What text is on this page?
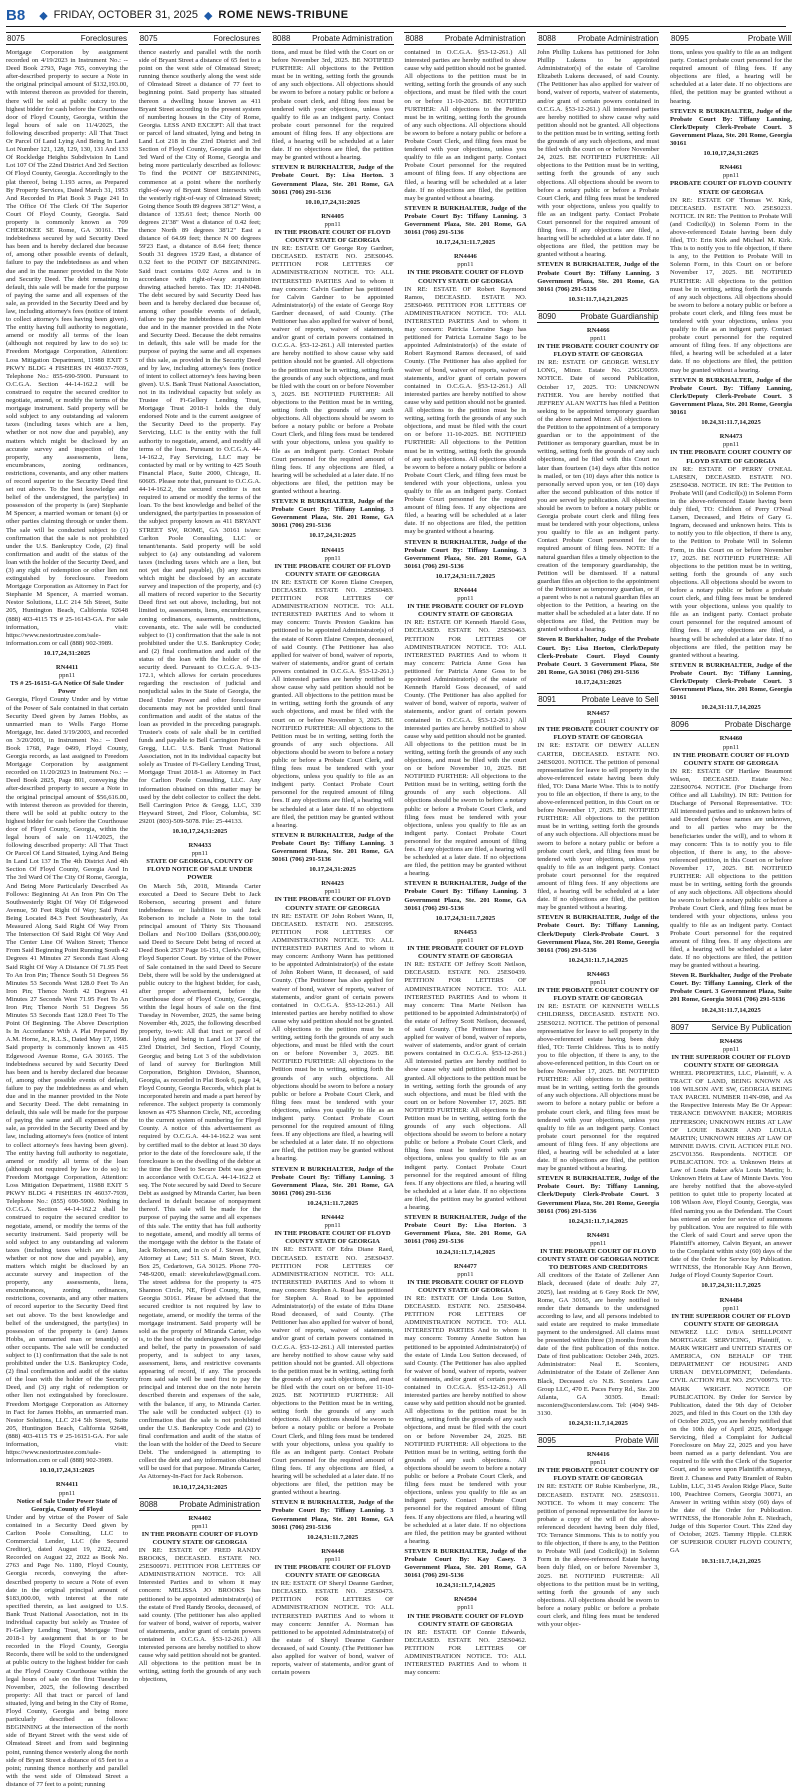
B8 ◆ FRIDAY, OCTOBER 31, 2025 ◆ ROME NEWS-TRIBUNE
8075	Foreclosures
Mortgage Corporation by assignment recorded on 4/19/2023 in Instrument No.: -- Deed Book 2793, Page 765, conveying the after-described property to secure a Note in the original principal amount of $132,193.00, with interest thereon as provided for therein, there will be sold at public outcry to the highest bidder for cash before the Courthouse door of Floyd County, Georgia, within the legal hours of sale on 11/4/2025, the following described property: All That Tract Or Parcel Of Land Lying And Being In Land Lot Number 121, 128, 129, 130, 131 And 133 Of Rockledge Heights Subdivision In Land Lot 107 Of The 22nd District And 3rd Section Of Floyd County, Georgia. Accordingly to the plat thereof, being 1.193 acres, as Prepared By Property Services, Dated March 31, 1953 And Recorded In Plat Book 3 Page 241 In The Office Of The Clerk Of The Superior Court Of Floyd County, Georgia. Said property is commonly known as 709 CHEROKEE SE Rome, GA 30161. The indebtedness secured by said Security Deed has been and is hereby declared due because of, among other possible events of default, failure to pay the indebtedness as and when due and in the manner provided in the Note and Security Deed. The debt remaining in default, this sale will be made for the purpose of paying the same and all expenses of the sale, as provided in the Security Deed and by law, including attorney's fees (notice of intent to collect attorney's fees having been given). The entity having full authority to negotiate, amend or modify all terms of the loan (although not required by law to do so) is: Freedom Mortgage Corporation, Attention: Loss Mitigation Department, 11988 EXIT 5 PKWY BLDG 4 FISHERS IN 46037-7939, Telephone No.: 855-690-5900. Pursuant to O.C.G.A. Section 44-14-162.2 will be construed to require the secured creditor to negotiate, amend, or modify the terms of the mortgage instrument. Said property will be sold subject to any outstanding ad valorem taxes (including taxes which are a lien, whether or not now due and payable), any matters which might be disclosed by an accurate survey and inspection of the property, any assessments, liens, encumbrances, zoning ordinances, restrictions, covenants, and any other matters of record superior to the Security Deed first set out above. To the best knowledge and belief of the undersigned, the party(ies) in possession of the property is (are) Stephanie M Spencer, a married woman or tenant (s) or other parties claiming through or under them. The sale will be conducted subject to (1) confirmation that the sale is not prohibited under the U.S. Bankruptcy Code, (2) final confirmation and audit of the status of the loan with the holder of the Security Deed, and (3) any right of redemption or other lien not extinguished by foreclosure. Freedom Mortgage Corporation as Attorney in Fact for Stephanie M Spencer, A married woman. Nestor Solutions, LLC 214 5th Street, Suite 205, Huntington Beach, California 92648 (888) 403-4115 TS # 25-16143-GA. For sale information, visit: https://www.nestortrustee.com/sale-information.com or call (888) 902-3989.
10.17,24,31:2025
RN4411
ppn11
TS # 25-16151-GA Notice Of Sale Under Power
Georgia, Floyd County Under and by virtue of the Power of Sale contained in that certain Security Deed given by James Hobbs, as unmarried man to Wells Fargo Home Mortgage, Inc. dated 3/19/2003, and recorded on 3/20/2003, in Instrument No.: -- Deed Book 1768, Page 0499, Floyd County, Georgia records, as last assigned to Freedom Mortgage Corporation by assignment recorded on 11/20/2023 in Instrument No.: -- Deed Book 2825, Page 801, conveying the after-described property to secure a Note in the original principal amount of $56,616.00, with interest thereon as provided for therein, there will be sold at public outcry to the highest bidder for cash before the Courthouse door of Floyd County, Georgia, within the legal hours of sale on 11/4/2025, the following described property: All That Tract Or Parcel Of Land Situated, Lying And Being In Land Lot 137 In The 4th District And 4th Section Of Floyd County, Georgia And In The 3rd Ward Of The City Of Rome, Georgia, And Being More Particularly Described As Follows: Beginning At An Iron Pin On The Southwesterly Right Of Way Of Edgewood Avenue, 50 Feet Right Of Way; Said Point Being Located 84.3 Feet Southeasterly, As Measured Along Said Right Of Way From The Intersection Of Said Right Of Way And The Center Line Of Walton Street; Thence From Said Beginning Point Running South 42 Degrees 41 Minutes 27 Seconds East Along Said Right Of Way A Distance Of 71.95 Feet To An Iron Pin; Thence South 51 Degrees 56 Minutes 53 Seconds West 128.0 Feet To An Iron Pin; Thence North 42 Degrees 41 Minutes 27 Seconds West 71.95 Feet To An Iron Pin; Thence North 51 Degrees 56 Minutes 53 Seconds East 128.0 Feet To The Point Of Beginning. The Above Description Is In Accordance With A Plat Prepared By A.M. Horne, Jr., R.L.S., Dated May 17, 1998. Said property is commonly known as 415 Edgewood Avenue Rome, GA 30165. The indebtedness secured by said Security Deed has been and is hereby declared due because of, among other possible events of default, failure to pay the indebtedness as and when due and in the manner provided in the Note and Security Deed. The debt remaining in default, this sale will be made for the purpose of paying the same and all expenses of the sale, as provided in the Security Deed and by law, including attorney's fees (notice of intent to collect attorney's fees having been given). The entity having full authority to negotiate, amend or modify all terms of the loan (although not required by law to do so) is: Freedom Mortgage Corporation, Attention: Loss Mitigation Department, 11988 EXIT 5 PKWY BLDG 4 FISHERS IN 46037-7939, Telephone No.: (855) 690-5900. Nothing in O.C.G.A. Section 44-14-162.2 shall be construed to require the secured creditor to negotiate, amend, or modify the terms of the security instrument. Said property will be sold subject to any outstanding ad valorem taxes (including taxes which are a lien, whether or not now due and payable), any matters which might be disclosed by an accurate survey and inspection of the property, any assessments, liens, encumbrances, zoning ordinances, restrictions, covenants, and any other matters of record superior to the Security Deed first set out above. To the best knowledge and belief of the undersigned, the party(ies) in possession of the property is (are) James Hobbs, an unmarried man or tenant(s) or other occupants. The sale will be conducted subject to (1) confirmation that the sale is not prohibited under the U.S. Bankruptcy Code, (2) final confirmation and audit of the status of the loan with the holder of the Security Deed, and (3) any right of redemption or other lien not extinguished by foreclosure. Freedom Mortgage Corporation as Attorney in Fact for James Hobbs, an unmarried man. Nestor Solutions, LLC 214 5th Street, Suite 205, Huntington Beach, California 92648, (888) 403-4115 TS # 25-16151-GA. For sale information, visit: https://www.nestortrustee.com/sale-information.com or call (888) 902-3989.
10.10,17,24,31:2025
RN4411
ppn11
Notice of Sale Under Power State of Georgia, County of Floyd
Under and by virtue of the Power of Sale contained in a Security Deed given by Carlton Poole Consulting, LLC to Commercial Lender, LLC (the Secured Creditor), dated August 19, 2022, and Recorded on August 22, 2022 as Book No. 2763 and Page No. 1180, Floyd County, Georgia records, conveying the after-described property to secure a Note of even date in the original principal amount of $183,000.00, with interest at the rate specified therein, as last assigned to U.S. Bank Trust National Association, not in its individual capacity but solely as Trustee of Fi-Gellery Lending Trust, Mortgage Trust 2018-1 by assignment that is or to be recorded in the Floyd County, Georgia Records, there will be sold to the undersigned at public outcry to the highest bidder for cash at the Floyd County Courthouse within the legal hours of sale on the first Tuesday in November, 2025, the following described property: All that tract or parcel of land situated, lying and being in the City of Rome, Floyd County, Georgia and being more particularly described as follows: BEGINNING at the intersection of the north side of Bryant Street with the west side of Olmstead Street and from said beginning point, running thence westerly along the north side of Bryant Street a distance of 65 feet to a point; running thence northerly and parallel with the west side of Olmstead Street a distance of 77 feet to a point; running
8075	Foreclosures
thence easterly and parallel with the north side of Bryant Street a distance of 65 feet to a point on the west side of Olmstead Street; running thence southerly along the west side of Olmstead Street a distance of 77 feet to beginning point. Said property has situated thereon a dwelling house known as 411 Bryant Street according to the present system of numbering houses in the City of Rome, Georgia. LESS AND EXCEPT: All that tract or parcel of land situated, lying and being in Land Lot 218 in the 23rd District and 3rd Section of Floyd County, Georgia and in the 3rd Ward of the City of Rome, Georgia and being more particularly described as follows: To find the POINT OF BEGINNING, commence at a point where the northerly right-of-way of Bryant Street intersects with the westerly right-of-way of Olmstead Street; Going thence South 89 degrees 38'12" West, a distance of 135.61 feet; thence North 00 degrees 21'38" West a distance of 0.42 feet; thence North 89 degrees 38'12" East a distance of 64.99 feet; thence N 00 degrees 59'23 East, a distance of 8.64 feet; thence South 31 degrees 15'29 East, a distance of 0.32 feet to the POINT OF BEGINNING. Said tract contains 0.02 Acres and is in accordance with right-of-way acquisition drawing attached hereto. Tax ID: J14N048. The debt secured by said Security Deed has been and is hereby declared due because of, among other possible events of default, failure to pay the indebtedness as and when due and in the manner provided in the Note and Security Deed. Because the debt remains in default, this sale will be made for the purpose of paying the same and all expenses of this sale, as provided in the Security Deed and by law, including attorney's fees (notice of intent to collect attorney's fees having been given). U.S. Bank Trust National Association, not in its individual capacity but solely as Trustee of Fi-Gellery Lending Trust, Mortgage Trust 2018-1 holds the duly endorsed Note and is the current assignee of the Security Deed to the property. Fay Servicing, LLC is the entity with the full authority to negotiate, amend, and modify all terms of the loan. Pursuant to O.C.G.A. 44-14-162.2, Fay Servicing, LLC may be contacted by mail or by writing to 425 South Financial Place, Suite 2000, Chicago, IL 60605. Please note that, pursuant to O.C.G.A. 44-14-162.2, the secured creditor is not required to amend or modify the terms of the loan. To the best knowledge and belief of the undersigned, the party/parties in possession of the subject property known as 411 BRYANT STREET SW, ROME, GA 30161 is/are: Carlton Poole Consulting, LLC or tenant/tenants. Said property will be sold subject to (a) any outstanding ad valorem taxes (including taxes which are a lien, but not yet due and payable), (b) any matters which might be disclosed by an accurate survey and inspection of the property, and (c) all matters of record superior to the Security Deed first set out above, including, but not limited to, assessments, liens, encumbrances, zoning ordinances, easements, restrictions, covenants, etc. The sale will be conducted subject to (1) confirmation that the sale is not prohibited under the U.S. Bankruptcy Code; and (2) final confirmation and audit of the status of the loan with the holder of the security deed. Pursuant to O.C.G.A. 9-13-172.1, which allows for certain procedures regarding the rescission of judicial and nonjudicial sales in the State of Georgia, the Deed Under Power and other foreclosure documents may not be provided until final confirmation and audit of the status of the loan as provided in the preceding paragraph. Trustee's costs of sale shall be in certified funds and payable to Bell Carrington Price & Gregg, LLC. U.S. Bank Trust National Association, not in its individual capacity but solely as Trustee of Fi-Gellery Lending Trust, Mortgage Trust 2018-1 as Attorney in Fact for Carlton Poole Consulting, LLC. Any information obtained on this matter may be used by the debt collector to collect the debt. Bell Carrington Price & Gregg, LLC, 339 Heyward Street, 2nd Floor, Columbia, SC 29201 (803)-509-5078. File: 25-44133.
10.10,17,24,31:2025
RN4433
ppn11
STATE OF GEORGIA, COUNTY OF FLOYD NOTICE OF SALE UNDER POWER
On March 5th, 2018, Miranda Carter executed a Deed to Secure Debt to Jack Roberson, securing present and future indebtedness or liabilities to said Jack Roberson to include a Note in the total principal amount of Thirty Six Thousand Dollars and No/100 Dollars ($36,000.00); said Deed to Secure Debt being of record at Deed Book 2537 Page 16-151, Clerk's Office, Floyd Superior Court. By virtue of the Power of Sale contained in the said Deed to Secure Debt, there will be sold by the undersigned at public outcry to the highest bidder, for cash, after proper advertisement, before the Courthouse door of Floyd County, Georgia, within the legal hours of sale on the first Tuesday in November, 2025, the same being November 4th, 2025, the following described property, to-wit: All that tract or parcel of land lying and being in Land Lot 37 of the 23rd District, 3rd Section, Floyd County, Georgia; and being Lot 3 of the subdivision of land of survey for Burlington Mill Corporation, Brighton Division, Shannon, Georgia, as recorded in Plat Book 6, page 14, Floyd County, Georgia Records, which plat is incorporated herein and made a part hereof by reference. The subject property is commonly known as 475 Shannon Circle, NE, according to the current system of numbering for Floyd County. A notice of this advertisement as required by O.C.G.A. 44-14-162.2 was sent by certified mail to the debtor at least 30 days prior to the date of the foreclosure sale, if the foreclosure is on the dwelling of the debtor at the time the Deed to Secure Debt was given in accordance with O.C.G.A. 44-14-162.2 et seq. The Note secured by said Deed to Secure Debt as assigned by Miranda Carter, has been declared in default because of nonpayment thereof. This sale will be made for the purpose of paying the same and all expenses of this sale. The entity that has full authority to negotiate, amend, and modify all terms of the mortgage with the debtor is the Estate of Jack Roberson, and in c/o of J. Steven Kuhr, Attorney at Law; 511 S. Main Street, P.O. Box 25, Cedartown, GA 30125. Phone 770-748-9200, email: stevekuhrlaw@gmail.com. The street address for the property is 475 Shannon Circle, NE, Floyd County, Rome, Georgia 30161. Please be advised that the secured creditor is not required by law to negotiate, amend, or modify the terms of the mortgage instrument. Said property will be sold as the property of Miranda Carter, who is, to the best of the undersigned's knowledge and belief, the party in possession of said property, and is subject to any taxes, assessment, liens, and restrictive covenants appearing of record, if any. The proceeds from said sale will be used first to pay the principal and interest due on the note herein described therein and expenses of the sale, with the balance, if any, to Miranda Carter. The sale will be conducted subject (1) to confirmation that the sale is not prohibited under the U.S. Bankruptcy Code and (2) to final confirmation and audit of the status of the loan with the holder of the Deed to Secure Debt. The undersigned is attempting to collect the debt and any information obtained will be used for that purpose. Miranda Carter, As Attorney-In-Fact for Jack Roberson.
10.10,17,24,31:2025
8088	Probate Administration
RN4402
ppn11
IN THE PROBATE COURT OF FLOYD COUNTY STATE OF GEORGIA
IN RE: ESTATE OF FRED RANDY BROOKS, DECEASED. ESTATE NO. 25ES00971. PETITION FOR LETTERS OF ADMINISTRATION NOTICE. TO: All Interested Parties and to whom it may concern: MELISSA JO BROOKS has petitioned to be appointed administrator(s) of the estate of Fred Randy Brooks, deceased, of said county. (The petitioner has also applied for waiver of bond, waiver of reports, waiver of statements, and/or grant of certain powers contained in O.C.G.A. §53-12-261.) All interested persons are hereby notified to show cause why said petition should not be granted. All objections to the petition must be in writing, setting forth the grounds of any such objections,
8088	Probate Administration
tions, and must be filed with the Court on or before November 3rd, 2025. BE NOTIFIED FURTHER: All objections to the Petition must be in writing, setting forth the grounds of any such objections. All objections should be sworn to before a notary public or before a probate court clerk, and filing fees must be tendered with your objections, unless you qualify to file as an indigent party. Contact probate court personnel for the required amount of filing fees. If any objections are filed, a hearing will be scheduled at a later date. If no objections are filed, the petition may be granted without a hearing.
STEVEN R BURKHALTER, Judge of the Probate Court. By: Lisa Horton. 3 Government Plaza, Ste. 201 Rome, GA 30161 (706) 291-5136
10.10,17,24,31:2025
RN4405
ppn11
IN THE PROBATE COURT OF FLOYD COUNTY STATE OF GEORGIA
IN RE: ESTATE OF George Roy Gardner, DECEASED. ESTATE NO. 25ES0045. PETITION FOR LETTERS OF ADMINISTRATION NOTICE. TO: ALL INTERESTED PARTIES And to whom it may concern: Calvin Gardner has petitioned for Calvin Gardner to be appointed Administrator(s) of the estate of George Roy Gardner deceased, of said County. (The Petitioner has also applied for waiver of bond, waiver of reports, waiver of statements, and/or grant of certain powers contained in O.C.G.A. §53-12-261.) All interested parties are hereby notified to show cause why said petition should not be granted. All objections to the petition must be in writing, setting forth the grounds of any such objections, and must be filed with the court on or before November 3, 2025. BE NOTIFIED FURTHER: All objections to the Petition must be in writing, setting forth the grounds of any such objections. All objections should be sworn to before a notary public or before a Probate Court Clerk, and filing fees must be tendered with your objections, unless you qualify to file as an indigent party. Contact Probate Court personnel for the required amount of filing fees. If any objections are filed, a hearing will be scheduled at a later date. If no objections are filed, the petition may be granted without a hearing.
STEVEN R BURKHALTER, Judge of the Probate Court By: Tiffany Lanning. 3 Government Plaza, Ste. 201 Rome, GA 30161 (706) 291-5136
10.17,24,31:2025
RN4415
ppn11
IN THE PROBATE COURT OF FLOYD COUNTY STATE OF GEORGIA
IN RE: ESTATE OF Koren Elaine Creepen, DECEASED. ESTATE NO. 25ES0483. PETITION FOR LETTERS OF ADMINISTRATION NOTICE. TO: ALL INTERESTED PARTIES And to whom it may concern: Travis Preston Gaskins has petitioned to be appointed Administrator(s) of the estate of Koren Elaine Creepen, deceased, of said County. (The Petitioner has also applied for waiver of bond, waiver of reports, waiver of statements, and/or grant of certain powers contained in O.C.G.A. §53-12-261.) All interested parties are hereby notified to show cause why said petition should not be granted. All objections to the petition must be in writing, setting forth the grounds of any such objections, and must be filed with the court on or before November 3, 2025. BE NOTIFIED FURTHER: All objections to the Petition must be in writing, setting forth the grounds of any such objections. All objections should be sworn to before a notary public or before a Probate Court Clerk, and filing fees must be tendered with your objections, unless you qualify to file as an indigent party. Contact Probate Court personnel for the required amount of filing fees. If any objections are filed, a hearing will be scheduled at a later date. If no objections are filed, the petition may be granted without a hearing.
STEVEN R BURKHALTER, Judge of the Probate Court By: Tiffany Lanning. 3 Government Plaza, Ste. 201 Rome, GA 30161 (706) 291-5136
10.17,24,31:2025
RN4423
ppn11
IN THE PROBATE COURT OF FLOYD COUNTY STATE OF GEORGIA
IN RE: ESTATE OF John Robert Wann, II, DECEASED. ESTATE NO. 25ES0395. PETITION FOR LETTERS OF ADMINISTRATION NOTICE. TO: ALL INTERESTED PARTIES And to whom it may concern: Anthony Wann has petitioned to be appointed Administrator(s) of the estate of John Robert Wann, II deceased, of said County. (The Petitioner has also applied for waiver of bond, waiver of reports, waiver of statements, and/or grant of certain powers contained in O.C.G.A. §53-12-261.) All interested parties are hereby notified to show cause why said petition should not be granted. All objections to the petition must be in writing, setting forth the grounds of any such objections, and must be filed with the court on or before November 3, 2025. BE NOTIFIED FURTHER: All objections to the Petition must be in writing, setting forth the grounds of any such objections. All objections should be sworn to before a notary public or before a Probate Court Clerk, and filing fees must be tendered with your objections, unless you qualify to file as an indigent party. Contact Probate Court personnel for the required amount of filing fees. If any objections are filed, a hearing will be scheduled at a later date. If no objections are filed, the petition may be granted without a hearing.
STEVEN R BURKHALTER, Judge of the Probate Court By: Tiffany Lanning. 3 Government Plaza, Ste. 201 Rome, GA 30161 (706) 291-5136
10.24,31:11.7,2025
RN4442
ppn11
IN THE PROBATE COURT OF FLOYD COUNTY STATE OF GEORGIA
IN RE: ESTATE OF Edra Diane Raed, DECEASED. ESTATE NO. 25ES0437. PETITION FOR LETTERS OF ADMINISTRATION NOTICE. TO: ALL INTERESTED PARTIES And to whom it may concern: Stephen A. Road has petitioned for Stephen A. Road to be appointed Administrator(s) of the estate of Edra Diane Road deceased, of said County. (The Petitioner has also applied for waiver of bond, waiver of reports, waiver of statements, and/or grant of certain powers contained in O.C.G.A. §53-12-261.) All interested parties are hereby notified to show cause why said petition should not be granted. All objections to the petition must be in writing, setting forth the grounds of any such objections, and must be filed with the court on or before 11-10-2025. BE NOTIFIED FURTHER: All objections to the Petition must be in writing, setting forth the grounds of any such objections. All objections should be sworn to before a notary public or before a Probate Court Clerk, and filing fees must be tendered with your objections, unless you qualify to file as an indigent party. Contact Probate Court personnel for the required amount of filing fees. If any objections are filed, a hearing will be scheduled at a later date. If no objections are filed, the petition may be granted without a hearing.
STEVEN R BURKHALTER, Judge of the Probate Court By: Tiffany Lanning. 3 Government Plaza, Ste. 201 Rome, GA 30161 (706) 291-5136
10.24,31:11.7,2025
RN4448
ppn11
IN THE PROBATE COURT OF FLOYD COUNTY STATE OF GEORGIA
IN RE: ESTATE OF Sheryl Deanne Gardner, DECEASED. ESTATE NO. 25ES0473. PETITION FOR LETTERS OF ADMINISTRATION NOTICE. TO: ALL INTERESTED PARTIES And to whom it may concern: Jennifer A. Norman has petitioned to be appointed Administrator(s) of the estate of Sheryl Deanne Gardner deceased, of said County. (The Petitioner has also applied for waiver of bond, waiver of reports, waiver of statements, and/or grant of certain powers
8088	Probate Administration
contained in O.C.G.A. §53-12-261.) All interested parties are hereby notified to show cause why said petition should not be granted. All objections to the petition must be in writing, setting forth the grounds of any such objections, and must be filed with the court on or before 11-10-2025. BE NOTIFIED FURTHER: All objections to the Petition must be in writing, setting forth the grounds of any such objections. All objections should be sworn to before a notary public or before a Probate Court Clerk, and filing fees must be tendered with your objections, unless you qualify to file as an indigent party. Contact Probate Court personnel for the required amount of filing fees. If any objections are filed, a hearing will be scheduled at a later date. If no objections are filed, the petition may be granted without a hearing.
STEVEN R BURKHALTER, Judge of the Probate Court By: Tiffany Lanning. 3 Government Plaza, Ste. 201 Rome, GA 30161 (706) 291-5136
10.17,24,31:11.7,2025
RN4446
ppn11
IN THE PROBATE COURT OF FLOYD COUNTY STATE OF GEORGIA
IN RE: ESTATE OF Robert Raymond Ramos, DECEASED. ESTATE NO. 25ES0469. PETITION FOR LETTERS OF ADMINISTRATION NOTICE. TO: ALL INTERESTED PARTIES And to whom it may concern: Patricia Lorraine Sago has petitioned for Patricia Lorraine Sago to be appointed Administrator(s) of the estate of Robert Raymond Ramos deceased, of said County. (The Petitioner has also applied for waiver of bond, waiver of reports, waiver of statements, and/or grant of certain powers contained in O.C.G.A. §53-12-261.) All interested parties are hereby notified to show cause why said petition should not be granted. All objections to the petition must be in writing, setting forth the grounds of any such objections, and must be filed with the court on or before 11-10-2025. BE NOTIFIED FURTHER: All objections to the Petition must be in writing, setting forth the grounds of any such objections. All objections should be sworn to before a notary public or before a Probate Court Clerk, and filing fees must be tendered with your objections, unless you qualify to file as an indigent party. Contact Probate Court personnel for the required amount of filing fees. If any objections are filed, a hearing will be scheduled at a later date. If no objections are filed, the petition may be granted without a hearing.
STEVEN R BURKHALTER, Judge of the Probate Court By: Tiffany Lanning. 3 Government Plaza, Ste. 201 Rome, GA 30161 (706) 291-5136
10.17,24,31:11.7,2025
RN4444
ppn11
IN THE PROBATE COURT OF FLOYD COUNTY STATE OF GEORGIA
IN RE: ESTATE OF Kenneth Harold Goss, DECEASED. ESTATE NO. 25ES0463. PETITION FOR LETTERS OF ADMINISTRATION NOTICE. TO: ALL INTERESTED PARTIES And to whom it may concern: Patricia Anne Goss has petitioned for Patricia Anne Goss to be appointed Administrator(s) of the estate of Kenneth Harold Goss deceased, of said County. (The Petitioner has also applied for waiver of bond, waiver of reports, waiver of statements, and/or grant of certain powers contained in O.C.G.A. §53-12-261.) All interested parties are hereby notified to show cause why said petition should not be granted. All objections to the petition must be in writing, setting forth the grounds of any such objections, and must be filed with the court on or before November 10, 2025. BE NOTIFIED FURTHER: All objections to the Petition must be in writing, setting forth the grounds of any such objections. All objections should be sworn to before a notary public or before a Probate Court Clerk, and filing fees must be tendered with your objections, unless you qualify to file as an indigent party. Contact Probate Court personnel for the required amount of filing fees. If any objections are filed, a hearing will be scheduled at a later date. If no objections are filed, the petition may be granted without a hearing.
STEVEN R BURKHALTER, Judge of the Probate Court By: Tiffany Lanning. 3 Government Plaza, Ste. 201 Rome, GA 30161 (706) 291-5136
10.17,24,31:11.7,2025
RN4453
ppn11
IN THE PROBATE COURT OF FLOYD COUNTY STATE OF GEORGIA
IN RE: ESTATE OF Jeffrey Scott Neilson, DECEASED. ESTATE NO. 25ES0439. PETITION FOR LETTERS OF ADMINISTRATION NOTICE. TO: ALL INTERESTED PARTIES And to whom it may concern: Tina Marie Neilson has petitioned to be appointed Administrator(s) of the estate of Jeffrey Scott Neilson, deceased, of said County. (The Petitioner has also applied for waiver of bond, waiver of reports, waiver of statements, and/or grant of certain powers contained in O.C.G.A. §53-12-261.) All interested parties are hereby notified to show cause why said petition should not be granted. All objections to the petition must be in writing, setting forth the grounds of any such objections, and must be filed with the court on or before November 17, 2025. BE NOTIFIED FURTHER: All objections to the Petition must be in writing, setting forth the grounds of any such objections. All objections should be sworn to before a notary public or before a Probate Court Clerk, and filing fees must be tendered with your objections, unless you qualify to file as an indigent party. Contact Probate Court personnel for the required amount of filing fees. If any objections are filed, a hearing will be scheduled at a later date. If no objections are filed, the petition may be granted without a hearing.
STEVEN R BURKHALTER, Judge of the Probate Court By: Lisa Horton. 3 Government Plaza, Ste. 201 Rome, GA 30161 (706) 291-5136
10.24,31:11.7,14,2025
RN4477
ppn11
IN THE PROBATE COURT OF FLOYD COUNTY STATE OF GEORGIA
IN RE: ESTATE OF Linda Lou Sutton, DECEASED. ESTATE NO. 25ES0484. PETITION FOR LETTERS OF ADMINISTRATION NOTICE. TO: ALL INTERESTED PARTIES And to whom it may concern: Tommy Annette Sutton has petitioned to be appointed Administrator(s) of the estate of Linda Lou Sutton deceased, of said County. (The Petitioner has also applied for waiver of bond, waiver of reports, waiver of statements, and/or grant of certain powers contained in O.C.G.A. §53-12-261.) All interested parties are hereby notified to show cause why said petition should not be granted. All objections to the petition must be in writing, setting forth the grounds of any such objections, and must be filed with the court on or before November 24, 2025. BE NOTIFIED FURTHER: All objections to the Petition must be in writing, setting forth the grounds of any such objections. All objections should be sworn to before a notary public or before a Probate Court Clerk, and filing fees must be tendered with your objections, unless you qualify to file as an indigent party. Contact Probate Court personnel for the required amount of filing fees. If any objections are filed, a hearing will be scheduled at a later date. If no objections are filed, the petition may be granted without a hearing.
STEVEN R BURKHALTER, Judge of the Probate Court By: Kay Casey. 3 Government Plaza, Ste. 201 Rome, GA 30161 (706) 291-5136
10.24,31:11.7,14,2025
RN4504
ppn11
IN THE PROBATE COURT OF FLOYD COUNTY STATE OF GEORGIA
IN RE: ESTATE OF Connie Edwards, DECEASED. ESTATE NO. 25ES0462. PETITION FOR LETTERS OF ADMINISTRATION NOTICE. TO: ALL INTERESTED PARTIES And to whom it may concern:
8088	Probate Administration
John Phillip Lukens has petitioned for John Phillip Lukens to be appointed Administrator(s) of the estate of Caroline Elizabeth Lukens deceased, of said County. (The Petitioner has also applied for waiver of bond, waiver of reports, waiver of statements, and/or grant of certain powers contained in O.C.G.A. §53-12-261.) All interested parties are hereby notified to show cause why said petition should not be granted. All objections to the petition must be in writing, setting forth the grounds of any such objections, and must be filed with the court on or before November 24, 2025. BE NOTIFIED FURTHER: All objections to the Petition must be in writing, setting forth the grounds of any such objections. All objections should be sworn to before a notary public or before a Probate Court Clerk, and filing fees must be tendered with your objections, unless you qualify to file as an indigent party. Contact Probate Court personnel for the required amount of filing fees. If any objections are filed, a hearing will be scheduled at a later date. If no objections are filed, the petition may be granted without a hearing.
STEVEN R BURKHALTER, Judge of the Probate Court By: Tiffany Lanning. 3 Government Plaza, Ste. 201 Rome, GA 30161 (706) 291-5136
10.31:11.7,14,21,2025
8090	Probate Guardianship
RN4466
ppn11
IN THE PROBATE COURT COUNTY OF FLOYD STATE OF GEORGIA
IN RE: ESTATE OF GEORGE WESLEY LONG, Minor. Estate No. 25GU0059. NOTICE. Date of second Publication, October 17, 2025. TO: UNKNOWN FATHER. You are hereby notified that JEFFREY ALAN WATTS has filed a Petition seeking to be appointed temporary guardian of the above named Minor. All objections to the Petition to the appointment of a temporary guardian or to the appointment of the Petitioner as temporary guardian, must be in writing, setting forth the grounds of any such objections, and be filed with this Court no later than fourteen (14) days after this notice is mailed, or ten (10) days after this notice is personally served upon you, or ten (10) days after the second publication of this notice if you are served by publication. All objections should be sworn to before a notary public or Georgia probate court clerk and filing fees must be tendered with your objections, unless you qualify to file as an indigent party. Contact Probate Court personnel for the required amount of filing fees. NOTE: If a natural guardian files a timely objection to the creation of the temporary guardianship, the Petition will be dismissed. If a natural guardian files an objection to the appointment of the Petitioner as temporary guardian, or if a parent who is not a natural guardian files an objection to the Petition, a hearing on the matter shall be scheduled at a later date. If no objections are filed, the Petition may be granted without a hearing.
Steven R Burkhalter, Judge of the Probate Court. By: Lisa Horton, Clerk/Deputy Clerk-Probate Court. Floyd County Probate Court. 3 Government Plaza, Ste 201 Rome, GA 30161 (706) 291-5136
10.17,24,31:2025
8091	Probate Leave to Sell
RN4457
ppn11
IN THE PROBATE COURT COUNTY OF FLOYD STATE OF GEORGIA
IN RE: ESTATE OF DEWEY ALLEN CARTER, DECEASED. ESTATE NO. 24ES0201. NOTICE. The petition of personal representative for leave to sell property in the above-referenced estate having been duly filed, TO: Dana Marie Wise. This is to notify you to file an objection, if there is any, to the above-referenced petition, in this Court on or before November 17, 2025. BE NOTIFIED FURTHER: All objections to the petition must be in writing, setting forth the grounds of any such objections. All objections must be sworn to before a notary public or before a probate court clerk, and filing fees must be tendered with your objections, unless you qualify to file as an indigent party. Contact probate court personnel for the required amount of filing fees. If any objections are filed, a hearing will be scheduled at a later date. If no objections are filed, the petition may be granted without a hearing.
STEVEN R BURKHALTER, Judge of the Probate Court. By: Tiffany Lanning, Clerk/Deputy Clerk-Probate Court. 3 Government Plaza, Ste. 201 Rome, Georgia 30161 (706) 291-5136
10.24,31:11.7,14,2025
RN4463
ppn11
IN THE PROBATE COURT COUNTY OF FLOYD STATE OF GEORGIA
IN RE: ESTATE OF KENNETH WELLS CHILDRESS, DECEASED. ESTATE NO. 25ES0212. NOTICE. The petition of personal representative for leave to sell property in the above-referenced estate having been duly filed, TO: Terrie Childress. This is to notify you to file objection, if there is any, to the above-referenced petition, in this Court on or before November 17, 2025. BE NOTIFIED FURTHER: All objections to the petition must be in writing, setting forth the grounds of any such objections. All objections must be sworn to before a notary public or before a probate court clerk, and filing fees must be tendered with your objections, unless you qualify to file as an indigent party. Contact probate court personnel for the required amount of filing fees. If any objections are filed, a hearing will be scheduled at a later date. If no objections are filed, the petition may be granted without a hearing.
STEVEN R BURKHALTER, Judge of the Probate Court. By: Tiffany Lanning, Clerk/Deputy Clerk-Probate Court. 3 Government Plaza, Ste. 201 Rome, Georgia 30161 (706) 291-5136
10.24,31:11.7,14,2025
RN4491
ppn11
IN THE PROBATE COURT OF FLOYD COUNTY STATE OF GEORGIA NOTICE TO DEBTORS AND CREDITORS
All creditors of the Estate of Zellener Ann Black, deceased (date of death: July 27, 2025), last residing at 6 Grey Rock Dr NW, Rome, GA 30165, are hereby notified to render their demands to the undersigned according to law, and all persons indebted to said estate are required to make immediate payment to the undersigned. All claims must be presented within three (3) months from the date of the first publication of this notice. Date of first publication: October 24th, 2025. Administrator: Neal E. Sconiers, Administrator of the Estate of Zellener Ann Black, Deceased c/o N.B. Sconiers Law Group LLC, 470 E. Paces Ferry Rd., Ste. 200 Atlanta, GA 30305. Email: nsconiers@sconierslaw.com. Tel: (404) 948-3130.
10.24,31:11.7,14,2025
8095	Probate Will
RN4416
ppn11
IN THE PROBATE COURT COUNTY OF FLOYD STATE OF GEORGIA
IN RE: ESTATE OF Rubie Kimberlyne, JR., DECEASED. ESTATE NO. 25ES0311. NOTICE. To whom it may concern: The petition of personal representative for leave to probate a copy of the will of the above-referenced decedent having been duly filed, TO: Terrance Simmons. This is to notify you to file objection, if there is any, to the Petition to Probate Will (and Codicil(s)) in Solemn Form in the above-referenced Estate having been duly filed, on or before November 3, 2025. BE NOTIFIED FURTHER: All objections to the petition must be in writing, setting forth the grounds of any such objections. All objections should be sworn to before a notary public or before a probate court clerk, and filing fees must be tendered with your objec-
8095	Probate Will
tions, unless you qualify to file as an indigent party. Contact probate court personnel for the required amount of filing fees. If any objections are filed, a hearing will be scheduled at a later date. If no objections are filed, the petition may be granted without a hearing.
STEVEN R BURKHALTER, Judge of the Probate Court By: Tiffany Lanning, Clerk/Deputy Clerk-Probate Court. 3 Government Plaza, Ste. 201 Rome, Georgia 30161
10.10,17,24,31:2025
RN4461
ppn11
PROBATE COURT OF FLOYD COUNTY STATE OF GEORGIA
IN RE: ESTATE OF Thomas W. Kirk, DECEASED. ESTATE NO. 25ES0233. NOTICE. IN RE: The Petition to Probate Will (and Codicil(s)) in Solemn Form in the above-referenced Estate having been duly filed, TO: Erin Kirk and Michael M. Kirk. This is to notify you to file objection, if there is any, to the Petition to Probate Will in Solemn Form, in this Court on or before November 17, 2025. BE NOTIFIED FURTHER: All objections to the petition must be in writing, setting forth the grounds of any such objections. All objections should be sworn to before a notary public or before a probate court clerk, and filing fees must be tendered with your objections, unless you qualify to file as an indigent party. Contact probate court personnel for the required amount of filing fees. If any objections are filed, a hearing will be scheduled at a later date. If no objections are filed, the petition may be granted without a hearing.
STEVEN R BURKHALTER, Judge of the Probate Court. By: Tiffany Lanning, Clerk/Deputy Clerk-Probate Court. 3 Government Plaza, Ste. 201 Rome, Georgia 30161
10.24,31:11.7,14,2025
RN4473
ppn11
IN THE PROBATE COURT COUNTY OF FLOYD STATE OF GEORGIA
IN RE: ESTATE OF PERRY O'NEAL LARSEN, DECEASED. ESTATE NO. 25ES0438. NOTICE. IN RE: The Petition to Probate Will (and Codicil(s)) in Solemn Form in the above-referenced Estate having been duly filed, TO: Children of Perry O'Neal Larsen, Deceased, and Heirs of Gary G. Ingram, deceased and unknown heirs. This is to notify you to file objection, if there is any, to the Petition to Probate Will in Solemn Form, in this Court on or before November 17, 2025. BE NOTIFIED FURTHER: All objections to the petition must be in writing, setting forth the grounds of any such objections. All objections should be sworn to before a notary public or before a probate court clerk, and filing fees must be tendered with your objections, unless you qualify to file as an indigent party. Contact probate court personnel for the required amount of filing fees. If any objections are filed, a hearing will be scheduled at a later date. If no objections are filed, the petition may be granted without a hearing.
STEVEN R BURKHALTER, Judge of the Probate Court. By: Tiffany Lanning, Clerk/Deputy Clerk-Probate Court. 3 Government Plaza, Ste. 201 Rome, Georgia 30161
10.24,31:11.7,14,2025
8096	Probate Discharge
RN4460
ppn11
IN THE PROBATE COURT OF FLOYD COUNTY STATE OF GEORGIA
IN RE: ESTATE OF Hartlaw Beaumont Wilson, DECEASED. Estate No.: 22ES00764. NOTICE. (For Discharge from Office and all Liability). IN RE: Petition for Discharge of Personal Representative. TO: All interested parties and to unknown heirs of said Decedent (whose names are unknown, and to all parties who may be the beneficiaries under the will), and to whom it may concern: This is to notify you to file objection, if there is any, to the above-referenced petition, in this Court on or before November 17, 2025. BE NOTIFIED FURTHER: All objections to the petition must be in writing, setting forth the grounds of any such objections. All objections should be sworn to before a notary public or before a Probate Court Clerk, and filing fees must be tendered with your objections, unless you qualify to file as an indigent party. Contact Probate Court personnel for the required amount of filing fees. If any objections are filed, a hearing will be scheduled at a later date. If no objections are filed, the petition may be granted without a hearing.
Steven R. Burkhalter, Judge of the Probate Court. By: Tiffany Lanning, Clerk of the Probate Court. 3 Government Plaza, Suite 201 Rome, Georgia 30161 (706) 291-5136
10.24,31:11.7,14,2025
8097	Service By Publication
RN4436
ppn11
IN THE SUPERIOR COURT OF FLOYD COUNTY STATE OF GEORGIA
WHEEL PROPERTIES, LLC, Plaintiff, v. A TRACT OF LAND, BEING KNOWN AS 108 WILSON AVE SW, GEORGIA BEING TAX PARCEL NUMBER I14N-098, and As the Respective Interests May Be Or Appear: TERANCE DEWAYNE BAKER; MORRIS JEFFERSON; UNKNOWN HEIRS AT LAW OF LOUIE BAKER AND LOULA MARTIN; UNKNOWN HEIRS AT LAW OF MINNIE DAVIS. CIVIL ACTION FILE NO. 25CV01356. Respondents. NOTICE OF PUBLICATION. TO: a. Unknown Heirs at Law of Louis Baker a/k/a Louis Martin; b. Unknown Heirs at Law of Minnie Davis. You are hereby notified that the above-styled petition to quiet title to property located at 108 Wilson Ave, Floyd County, Georgia, was filed naming you as the Defendant. The Court has entered an order for service of summons by publication. You are required to file with the Clerk of said Court and serve upon the Plaintiff's attorney, Calvin Bryant, an answer to the Complaint within sixty (60) days of the date of the Order for Service by Publication. WITNESS, the Honorable Kay Ann Brown, Judge of Floyd County Superior Court.
10.17,24,31:11.7,2025
RN4484
ppn11
IN THE SUPERIOR COURT OF FLOYD COUNTY STATE OF GEORGIA
NEWREZ LLC D/B/A SHELLPOINT MORTGAGE SERVICING, Plaintiff, v. MARK WRIGHT and UNITED STATES OF AMERICA, ON BEHALF OF THE DEPARTMENT OF HOUSING AND URBAN DEVELOPMENT, Defendants. CIVIL ACTION FILE NO. 25CV00973. TO: MARK WRIGHT. NOTICE OF PUBLICATION. By Order for Service by Publication, dated the 9th day of October 2025, and filed in this Court on the 13th day of October 2025, you are hereby notified that on the 10th day of April 2025, Mortgage Servicing, filed a Complaint for Judicial Foreclosure on May 22, 2025 and you have been named as a party defendant. You are required to file with the Clerk of the Superior Court, and to serve upon Plaintiff's attorneys, Brett J. Chaness and Patty Bramlett of Rubin Lublin, LLC, 3145 Avalon Ridge Place, Suite 100, Peachtree Corners, Georgia 30071, an Answer in writing within sixty (60) days of the date of the Order for Publication. WITNESS, the Honorable John E. Niedrach, Judge of this Superior Court. This 22nd day of October, 2025. Tammy Hipple. CLERK OF SUPERIOR COURT FLOYD COUNTY, GA
10.31:11.7,14,21,2025
